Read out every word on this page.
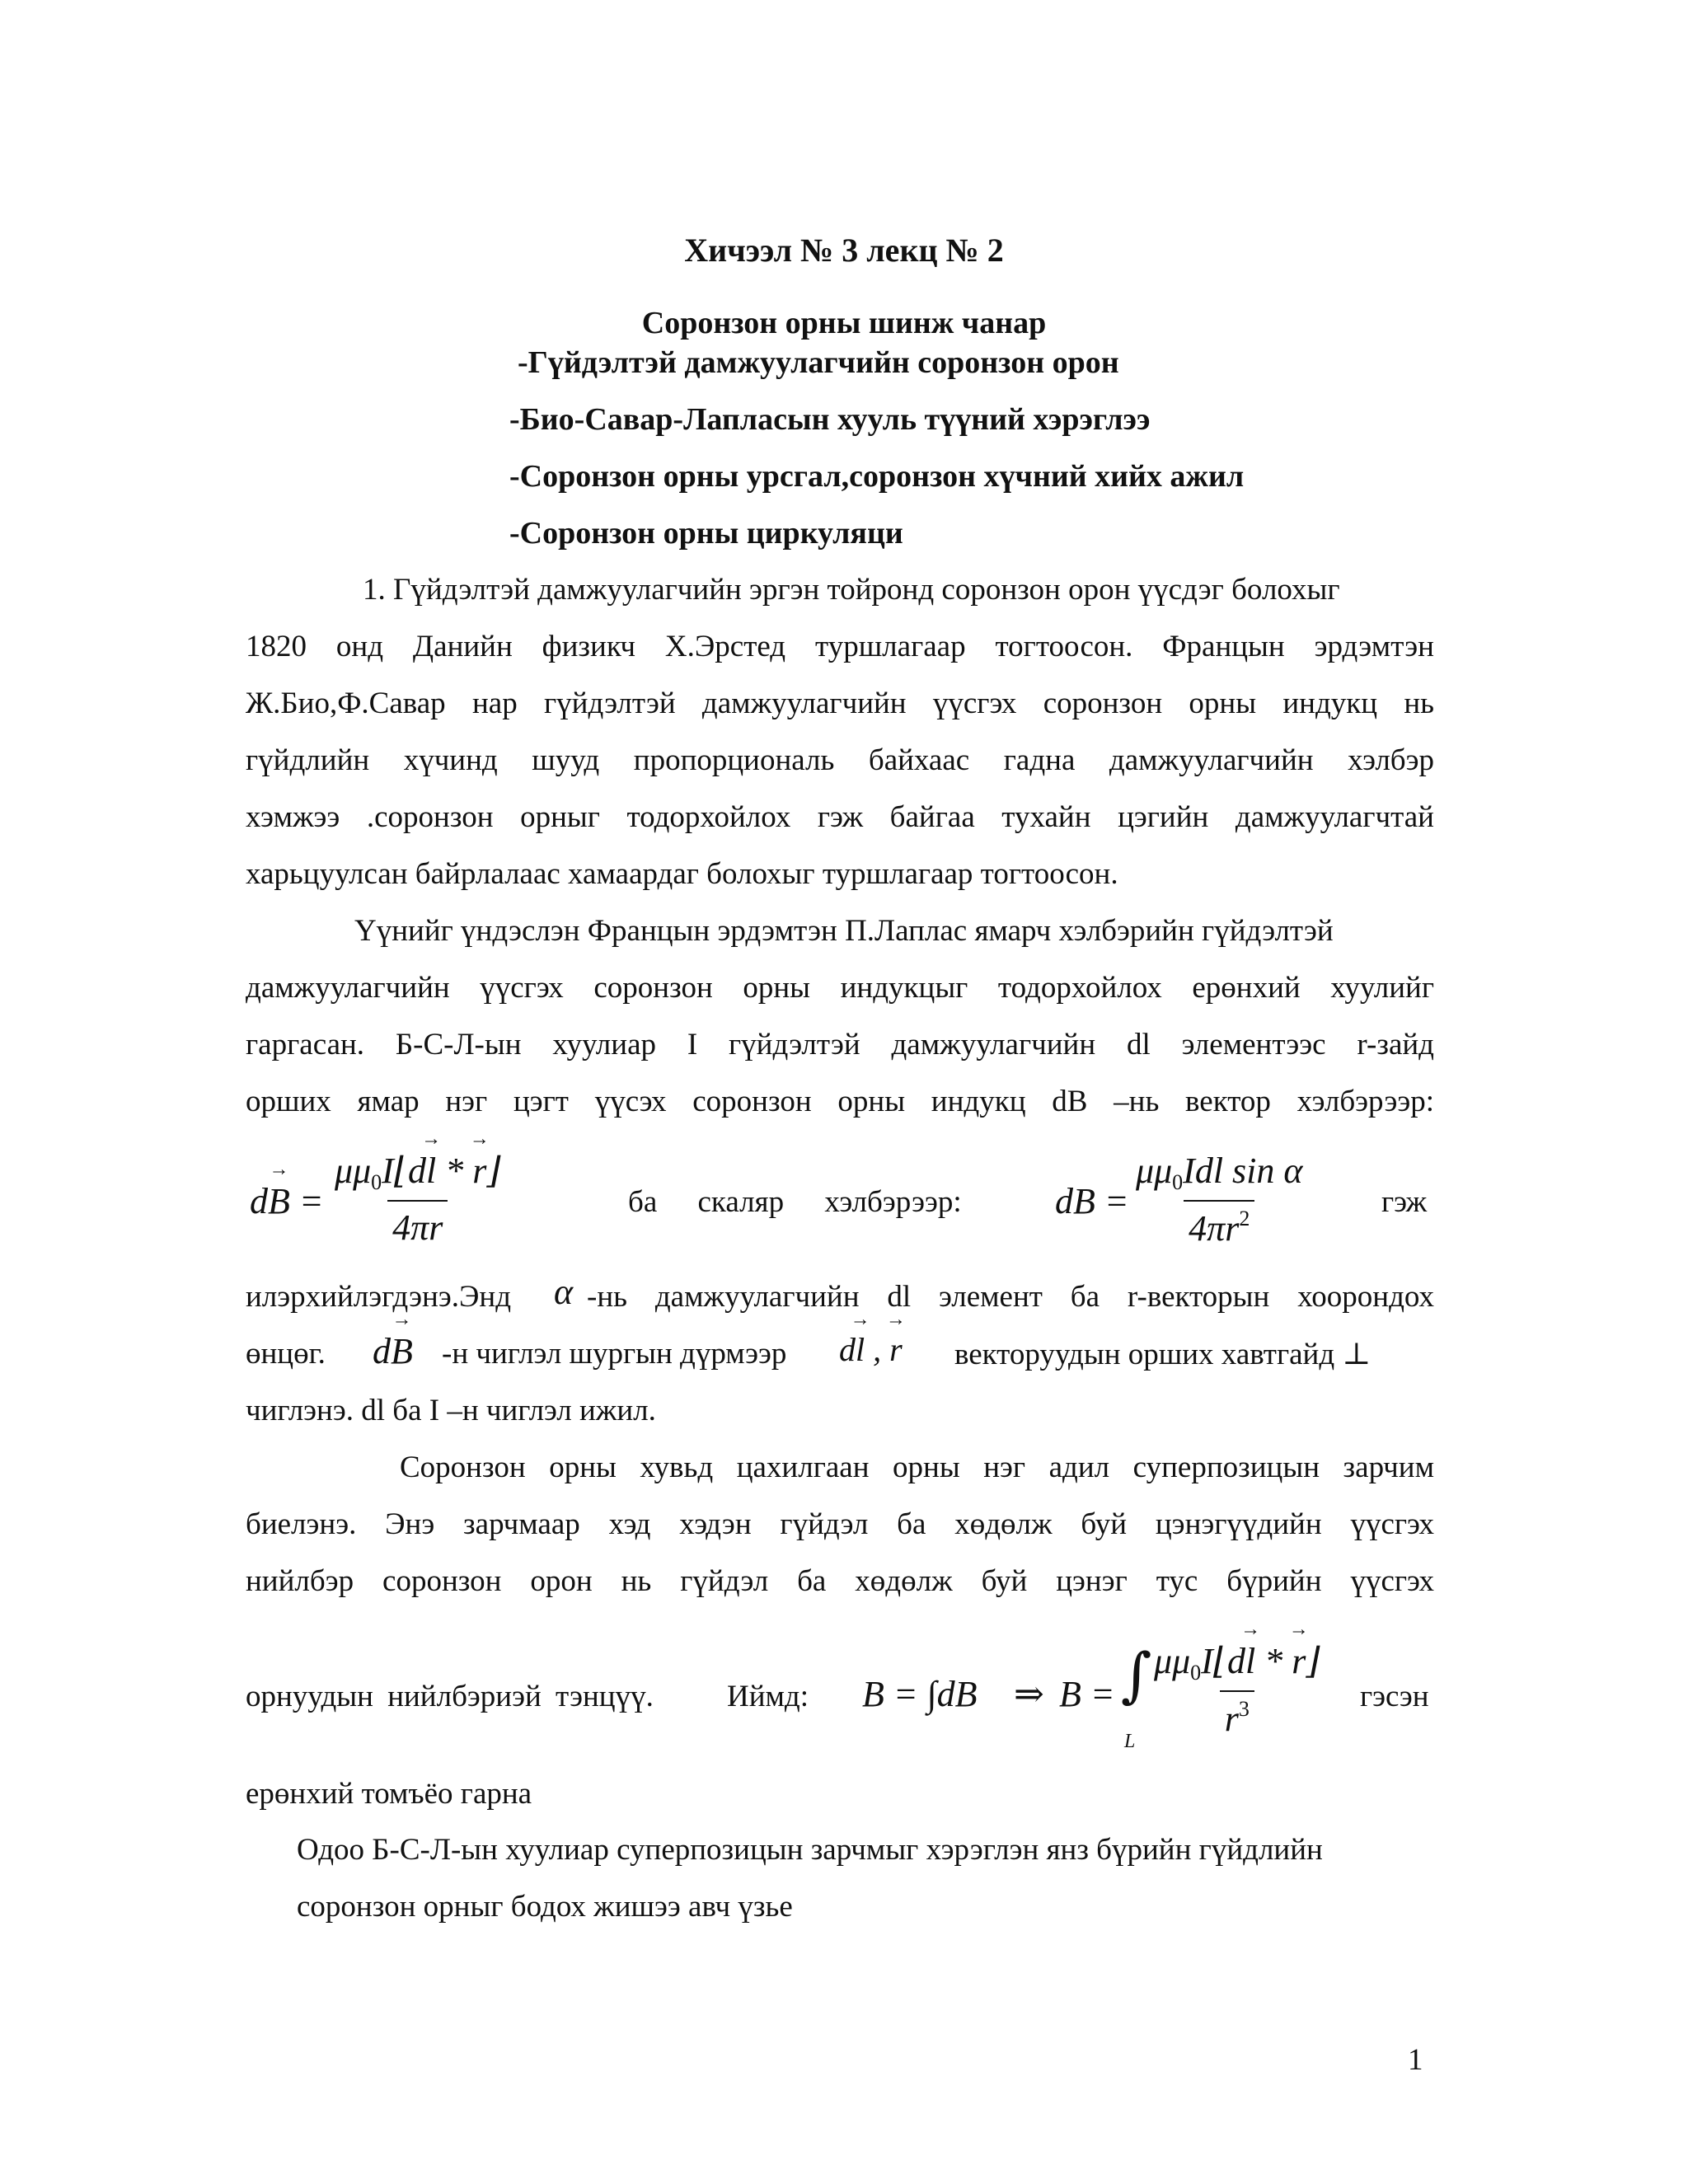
Хичээл № 3 лекц № 2
Соронзон орны шинж чанар
-Гүйдэлтэй дамжуулагчийн соронзон орон
-Био-Савар-Лапласын хууль түүний хэрэглээ
-Соронзон орны урсгал,соронзон хүчний хийх ажил
-Соронзон орны циркуляци
1. Гүйдэлтэй дамжуулагчийн эргэн тойронд соронзон орон үүсдэг болохыг
1820 онд Данийн физикч Х.Эрстед туршлагаар тогтоосон. Францын эрдэмтэн
Ж.Био,Ф.Савар нар гүйдэлтэй дамжуулагчийн үүсгэх соронзон орны индукц нь
гүйдлийн хүчинд шууд пропорциональ байхаас гадна дамжуулагчийн хэлбэр
хэмжээ .соронзон орныг тодорхойлох гэж байгаа тухайн цэгийн дамжуулагчтай
харьцуулсан байрлалаас хамаардаг болохыг туршлагаар тогтоосон.
Үүнийг үндэслэн Францын эрдэмтэн П.Лаплас ямарч хэлбэрийн гүйдэлтэй
дамжуулагчийн үүсгэх соронзон орны индукцыг тодорхойлох ерөнхий хуулийг
гаргасан. Б-С-Л-ын хуулиар I гүйдэлтэй дамжуулагчийн dl элементээс r-зайд
орших ямар нэг цэгт үүсэх соронзон орны индукц dB –нь вектор хэлбэрээр:
$d\to B = \frac{\mu\mu_0I⌊d\to l * \to r⌋}{4\pi r}$	ба скаляр хэлбэрээр:	dB =
$\mu\mu_0Idl$ sin α
$4\pi r^2$	гэж
илэрхийлэгдэнэ.Энд α -нь дамжуулагчийн dl элемент ба r-векторын хоорондох
өнцөг. d→ B -н чиглэл шургын дүрмээр d→ l , → r векторуудын орших хавтгайд ⊥
чиглэнэ. dl ба I –н чиглэл ижил.
Соронзон орны хувьд цахилгаан орны нэг адил суперпозицын зарчим
биелэнэ. Энэ зарчмаар хэд хэдэн гүйдэл ба хөдөлж буй цэнэгүүдийн үүсгэх
нийлбэр соронзон орон нь гүйдэл ба хөдөлж буй цэнэг тус бүрийн үүсгэх
орнуудын нийлбэриэй тэнцүү. Иймд: B = ∫dB ⇒ B = ∫
L
$\frac{\mu\mu_0I⌊d\to l * \to r⌋}{r^3}$ гэсэн
ерөнхий томъёо гарна
Одоо Б-С-Л-ын хуулиар суперпозицын зарчмыг хэрэглэн янз бүрийн гүйдлийн
соронзон орныг бодох жишээ авч үзье
1
